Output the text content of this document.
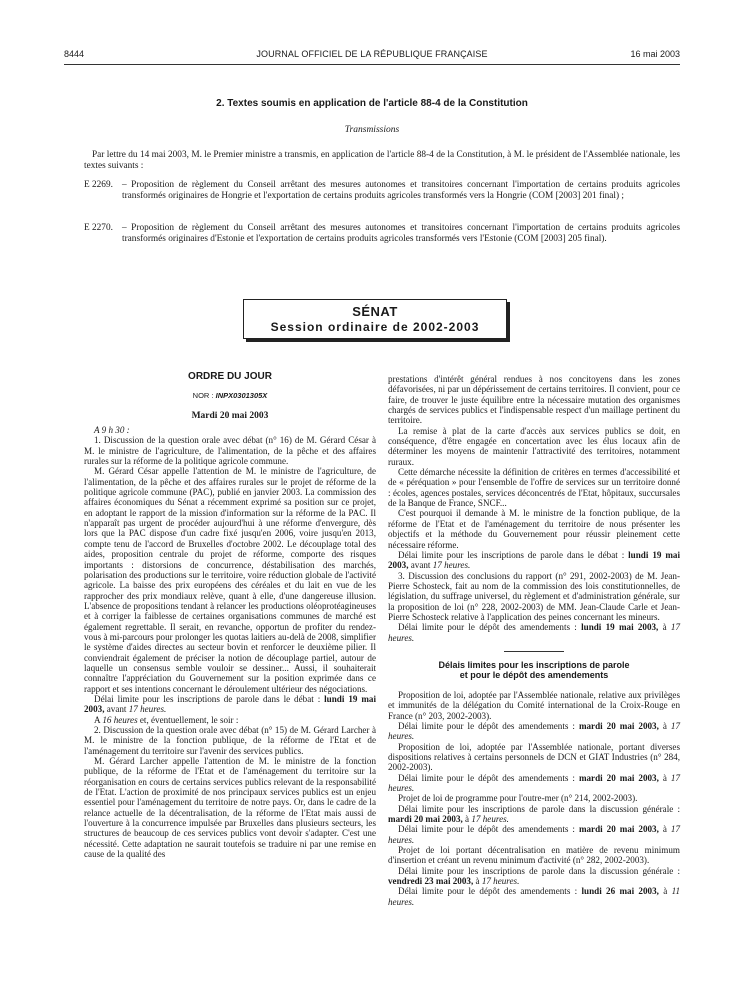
8444	JOURNAL OFFICIEL DE LA RÉPUBLIQUE FRANÇAISE	16 mai 2003
2. Textes soumis en application de l'article 88-4 de la Constitution
Transmissions
Par lettre du 14 mai 2003, M. le Premier ministre a transmis, en application de l'article 88-4 de la Constitution, à M. le président de l'Assemblée nationale, les textes suivants :
E 2269. – Proposition de règlement du Conseil arrêtant des mesures autonomes et transitoires concernant l'importation de certains produits agricoles transformés originaires de Hongrie et l'exportation de certains produits agricoles transformés vers la Hongrie (COM [2003] 201 final) ;
E 2270. – Proposition de règlement du Conseil arrêtant des mesures autonomes et transitoires concernant l'importation de certains produits agricoles transformés originaires d'Estonie et l'exportation de certains produits agricoles transformés vers l'Estonie (COM [2003] 205 final).
SÉNAT
Session ordinaire de 2002-2003

ORDRE DU JOUR

NOR : INPX0301305X

Mardi 20 mai 2003

A 9 h 30 :

1. Discussion de la question orale avec débat (n° 16) de M. Gérard César à M. le ministre de l'agriculture, de l'alimentation, de la pêche et des affaires rurales sur la réforme de la politique agricole commune.

M. Gérard César appelle l'attention de M. le ministre de l'agriculture, de l'alimentation, de la pêche et des affaires rurales sur le projet de réforme de la politique agricole commune (PAC), publié en janvier 2003. La commission des affaires économiques du Sénat a récemment exprimé sa position sur ce projet, en adoptant le rapport de la mission d'information sur la réforme de la PAC. Il n'apparaît pas urgent de procéder aujourd'hui à une réforme d'envergure, dès lors que la PAC dispose d'un cadre fixé jusqu'en 2006, voire jusqu'en 2013, compte tenu de l'accord de Bruxelles d'octobre 2002. Le découplage total des aides, proposition centrale du projet de réforme, comporte des risques importants : distorsions de concurrence, déstabilisation des marchés, polarisation des productions sur le territoire, voire réduction globale de l'activité agricole. La baisse des prix européens des céréales et du lait en vue de les rapprocher des prix mondiaux relève, quant à elle, d'une dangereuse illusion. L'absence de propositions tendant à relancer les productions oléoprotéagineuses et à corriger la faiblesse de certaines organisations communes de marché est également regrettable. Il serait, en revanche, opportun de profiter du rendez-vous à mi-parcours pour prolonger les quotas laitiers au-delà de 2008, simplifier le système d'aides directes au secteur bovin et renforcer le deuxième pilier. Il conviendrait également de préciser la notion de découplage partiel, autour de laquelle un consensus semble vouloir se dessiner... Aussi, il souhaiterait connaître l'appréciation du Gouvernement sur la position exprimée dans ce rapport et ses intentions concernant le déroulement ultérieur des négociations.

Délai limite pour les inscriptions de parole dans le débat : lundi 19 mai 2003, avant 17 heures.

A 16 heures et, éventuellement, le soir :

2. Discussion de la question orale avec débat (n° 15) de M. Gérard Larcher à M. le ministre de la fonction publique, de la réforme de l'Etat et de l'aménagement du territoire sur l'avenir des services publics.

M. Gérard Larcher appelle l'attention de M. le ministre de la fonction publique, de la réforme de l'Etat et de l'aménagement du territoire sur la réorganisation en cours de certains services publics relevant de la responsabilité de l'Etat. L'action de proximité de nos principaux services publics est un enjeu essentiel pour l'aménagement du territoire de notre pays. Or, dans le cadre de la relance actuelle de la décentralisation, de la réforme de l'Etat mais aussi de l'ouverture à la concurrence impulsée par Bruxelles dans plusieurs secteurs, les structures de beaucoup de ces services publics vont devoir s'adapter. C'est une nécessité. Cette adaptation ne saurait toutefois se traduire ni par une remise en cause de la qualité des

prestations d'intérêt général rendues à nos concitoyens dans les zones défavorisées, ni par un dépérissement de certains territoires. Il convient, pour ce faire, de trouver le juste équilibre entre la nécessaire mutation des organismes chargés de services publics et l'indispensable respect d'un maillage pertinent du territoire.

La remise à plat de la carte d'accès aux services publics se doit, en conséquence, d'être engagée en concertation avec les élus locaux afin de déterminer les moyens de maintenir l'attractivité des territoires, notamment ruraux.

Cette démarche nécessite la définition de critères en termes d'accessibilité et de « péréquation » pour l'ensemble de l'offre de services sur un territoire donné : écoles, agences postales, services déconcentrés de l'Etat, hôpitaux, succursales de la Banque de France, SNCF...

C'est pourquoi il demande à M. le ministre de la fonction publique, de la réforme de l'Etat et de l'aménagement du territoire de nous présenter les objectifs et la méthode du Gouvernement pour réussir pleinement cette nécessaire réforme.

Délai limite pour les inscriptions de parole dans le débat : lundi 19 mai 2003, avant 17 heures.

3. Discussion des conclusions du rapport (n° 291, 2002-2003) de M. Jean-Pierre Schosteck, fait au nom de la commission des lois constitutionnelles, de législation, du suffrage universel, du règlement et d'administration générale, sur la proposition de loi (n° 228, 2002-2003) de MM. Jean-Claude Carle et Jean-Pierre Schosteck relative à l'application des peines concernant les mineurs.

Délai limite pour le dépôt des amendements : lundi 19 mai 2003, à 17 heures.

Délais limites pour les inscriptions de parole
et pour le dépôt des amendements

Proposition de loi, adoptée par l'Assemblée nationale, relative aux privilèges et immunités de la délégation du Comité international de la Croix-Rouge en France (n° 203, 2002-2003).

Délai limite pour le dépôt des amendements : mardi 20 mai 2003, à 17 heures.

Proposition de loi, adoptée par l'Assemblée nationale, portant diverses dispositions relatives à certains personnels de DCN et GIAT Industries (n° 284, 2002-2003).

Délai limite pour le dépôt des amendements : mardi 20 mai 2003, à 17 heures.

Projet de loi de programme pour l'outre-mer (n° 214, 2002-2003).

Délai limite pour les inscriptions de parole dans la discussion générale : mardi 20 mai 2003, à 17 heures.

Délai limite pour le dépôt des amendements : mardi 20 mai 2003, à 17 heures.

Projet de loi portant décentralisation en matière de revenu minimum d'insertion et créant un revenu minimum d'activité (n° 282, 2002-2003).

Délai limite pour les inscriptions de parole dans la discussion générale : vendredi 23 mai 2003, à 17 heures.

Délai limite pour le dépôt des amendements : lundi 26 mai 2003, à 11 heures.
